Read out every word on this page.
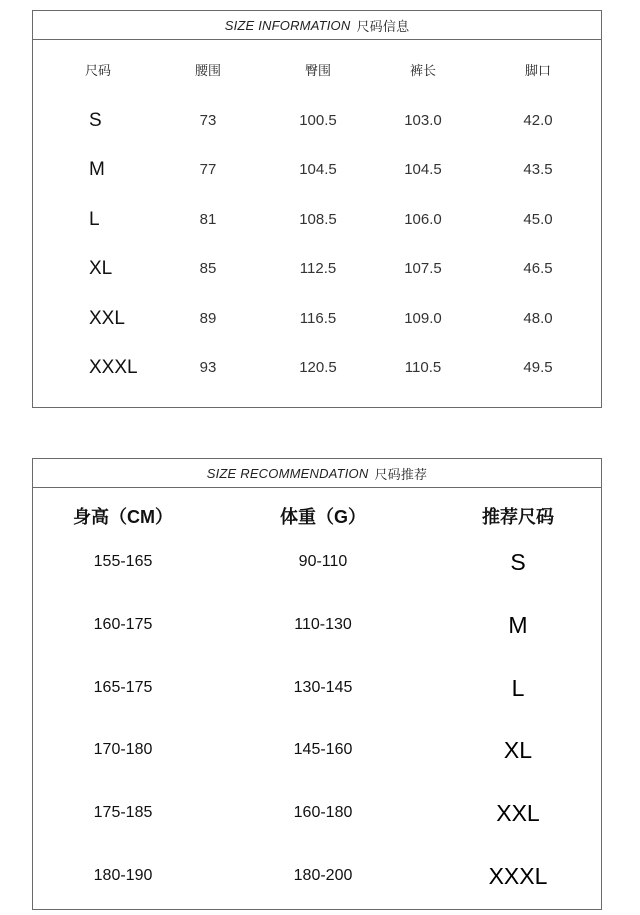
SIZE INFORMATION 尺码信息
尺码	腰围	臀围	裤长	脚口
S	73	100.5	103.0	42.0
M	77	104.5	104.5	43.5
L	81	108.5	106.0	45.0
XL	85	112.5	107.5	46.5
XXL	89	116.5	109.0	48.0
XXXL	93	120.5	110.5	49.5
SIZE RECOMMENDATION 尺码推荐
身高（CM）	体重（G）	推荐尺码
155-165	90-110	S
160-175	110-130	M
165-175	130-145	L
170-180	145-160	XL
175-185	160-180	XXL
180-190	180-200	XXXL
